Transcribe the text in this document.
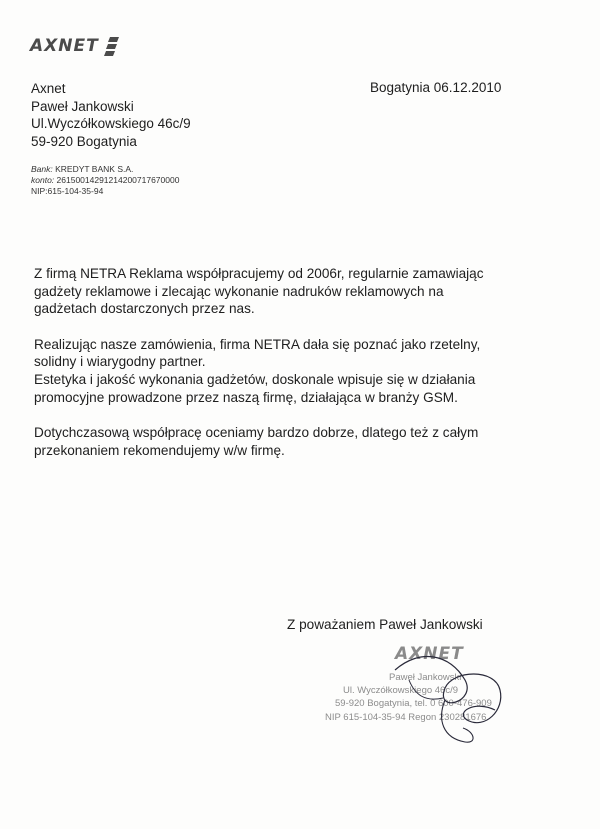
AXNET
Axnet
Paweł Jankowski
Ul.Wyczółkowskiego 46c/9
59-920 Bogatynia
Bank: KREDYT BANK S.A.
konto: 26150014291214200717670000
NIP:615-104-35-94
Bogatynia 06.12.2010

Z firmą NETRA Reklama współpracujemy od 2006r, regularnie zamawiając

gadżety reklamowe i zlecając wykonanie nadruków reklamowych na

gadżetach dostarczonych przez nas.

Realizując nasze zamówienia, firma NETRA dała się poznać jako rzetelny,

solidny i wiarygodny partner.

Estetyka i jakość wykonania gadżetów, doskonale wpisuje się w działania

promocyjne prowadzone przez naszą firmę, działająca w branży GSM.

Dotychczasową współpracę oceniamy bardzo dobrze, dlatego też z całym

przekonaniem rekomendujemy w/w firmę.

Z poważaniem Paweł Jankowski
AXNET
Paweł Jankowski
Ul. Wyczółkowskiego 46c/9
59-920 Bogatynia, tel. 0 600-476-909
NIP 615-104-35-94 Regon 230281676
